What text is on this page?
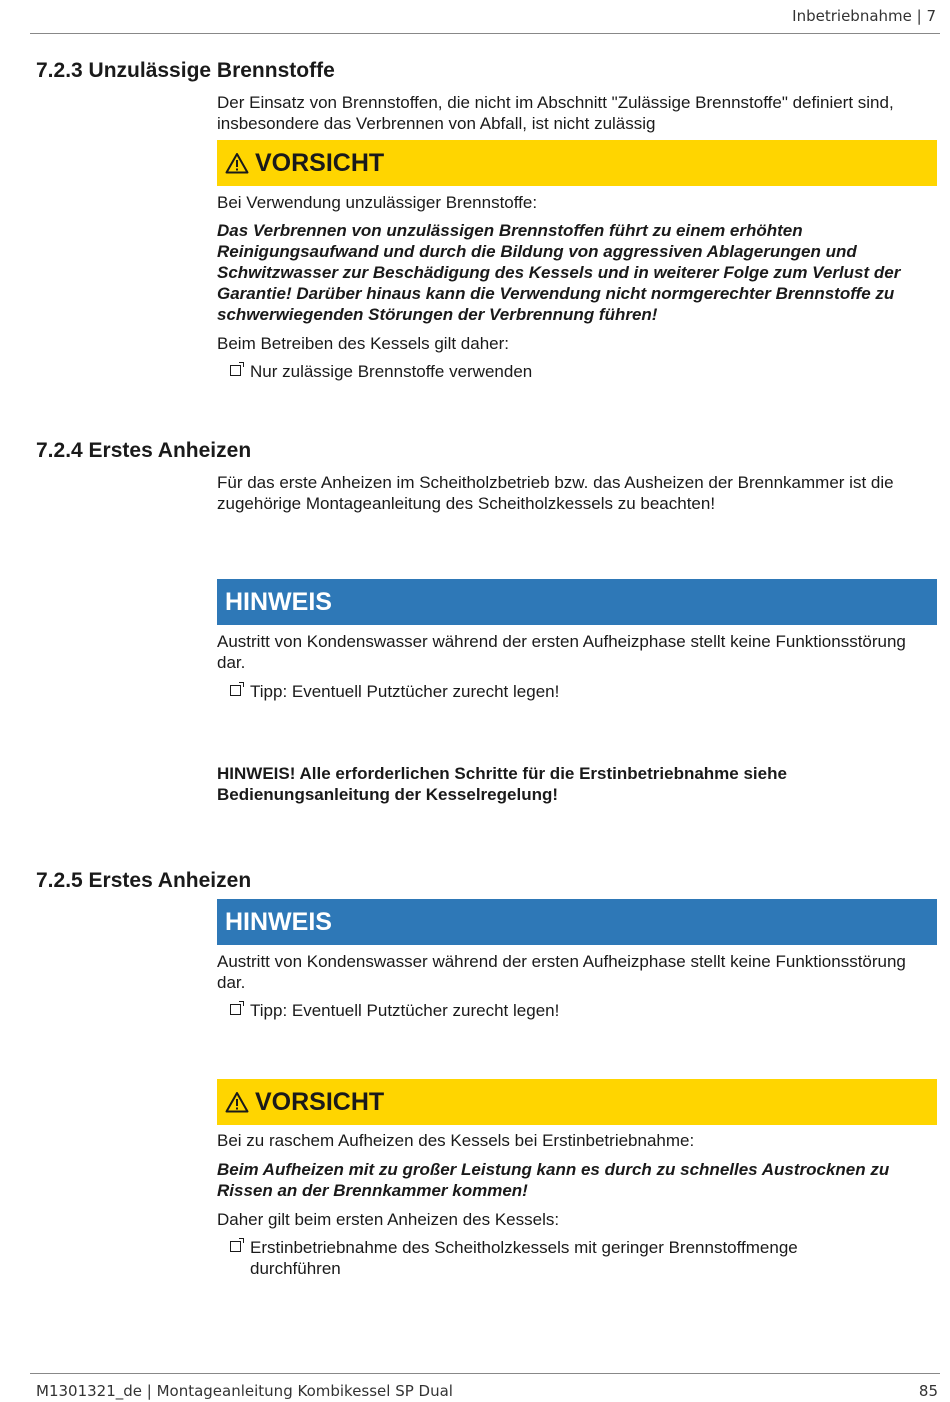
Inbetriebnahme | 7
7.2.3 Unzulässige Brennstoffe
Der Einsatz von Brennstoffen, die nicht im Abschnitt "Zulässige Brennstoffe" definiert sind, insbesondere das Verbrennen von Abfall, ist nicht zulässig
VORSICHT
Bei Verwendung unzulässiger Brennstoffe:
Das Verbrennen von unzulässigen Brennstoffen führt zu einem erhöhten Reinigungsaufwand und durch die Bildung von aggressiven Ablagerungen und Schwitzwasser zur Beschädigung des Kessels und in weiterer Folge zum Verlust der Garantie! Darüber hinaus kann die Verwendung nicht normgerechter Brennstoffe zu schwerwiegenden Störungen der Verbrennung führen!
Beim Betreiben des Kessels gilt daher:
Nur zulässige Brennstoffe verwenden
7.2.4 Erstes Anheizen
Für das erste Anheizen im Scheitholzbetrieb bzw. das Ausheizen der Brennkammer ist die zugehörige Montageanleitung des Scheitholzkessels zu beachten!
HINWEIS
Austritt von Kondenswasser während der ersten Aufheizphase stellt keine Funktionsstörung dar.
Tipp: Eventuell Putztücher zurecht legen!
HINWEIS! Alle erforderlichen Schritte für die Erstinbetriebnahme siehe Bedienungsanleitung der Kesselregelung!
7.2.5 Erstes Anheizen
HINWEIS
Austritt von Kondenswasser während der ersten Aufheizphase stellt keine Funktionsstörung dar.
Tipp: Eventuell Putztücher zurecht legen!
VORSICHT
Bei zu raschem Aufheizen des Kessels bei Erstinbetriebnahme:
Beim Aufheizen mit zu großer Leistung kann es durch zu schnelles Austrocknen zu Rissen an der Brennkammer kommen!
Daher gilt beim ersten Anheizen des Kessels:
Erstinbetriebnahme des Scheitholzkessels mit geringer Brennstoffmenge durchführen
M1301321_de | Montageanleitung Kombikessel SP Dual	85
